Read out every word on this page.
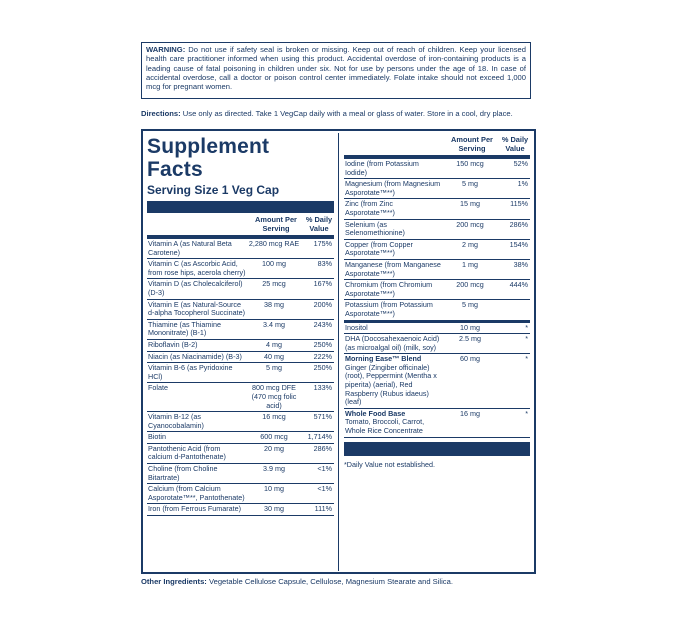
WARNING: Do not use if safety seal is broken or missing. Keep out of reach of children. Keep your licensed health care practitioner informed when using this product. Accidental overdose of iron-containing products is a leading cause of fatal poisoning in children under six. Not for use by persons under the age of 18. In case of accidental overdose, call a doctor or poison control center immediately. Folate intake should not exceed 1,000 mcg for pregnant women.
Directions: Use only as directed. Take 1 VegCap daily with a meal or glass of water. Store in a cool, dry place.
Supplement
Facts
Serving Size 1 Veg Cap
Amount Per Serving
% Daily Value
Vitamin A (as Natural Beta Carotene)
2,280 mcg RAE	175%
Vitamin C (as Ascorbic Acid, from rose hips, acerola cherry)
100 mg	83%
Vitamin D (as Cholecalciferol) (D-3)
25 mcg	167%
Vitamin E (as Natural-Source d-alpha Tocopherol Succinate)
38 mg	200%
Thiamine (as Thiamine Mononitrate) (B-1)
3.4 mg	243%
Riboflavin (B-2)	4 mg	250%
Niacin (as Niacinamide) (B-3)	40 mg	222%
Vitamin B-6 (as Pyridoxine HCl)
5 mg	250%
Folate	800 mcg DFE (470 mcg folic acid)
133%
Vitamin B-12 (as Cyanocobalamin)
16 mcg	571%
Biotin	600 mcg	1,714%
Pantothenic Acid (from calcium d-Pantothenate)
20 mg	286%
Choline (from Choline Bitartrate)
3.9 mg	<1%
Calcium (from Calcium Asporotate™**, Pantothenate)
10 mg	<1%
Iron (from Ferrous Fumarate)	30 mg	111%
Amount Per Serving
% Daily Value
Iodine (from Potassium Iodide)
150 mcg	52%
Magnesium (from Magnesium Asporotate™**)
5 mg	1%
Zinc (from Zinc Asporotate™**)
15 mg	115%
Selenium (as Selenomethionine)
200 mcg	286%
Copper (from Copper Asporotate™**)
2 mg	154%
Manganese (from Manganese Asporotate™**)
1 mg	38%
Chromium (from Chromium Asporotate™**)
200 mcg	444%
Potassium (from Potassium Asporotate™**)
5 mg
Inositol	10 mg	*
DHA (Docosahexaenoic Acid) (as microalgal oil) (milk, soy)
2.5 mg	*
Morning Ease™ Blend
Ginger (Zingiber officinale) (root), Peppermint (Mentha x piperita) (aerial), Red Raspberry (Rubus idaeus) (leaf)
60 mg	*
Whole Food Base
Tomato, Broccoli, Carrot, Whole Rice Concentrate
16 mg	*
*Daily Value not established.
Other Ingredients: Vegetable Cellulose Capsule, Cellulose, Magnesium Stearate and Silica.
